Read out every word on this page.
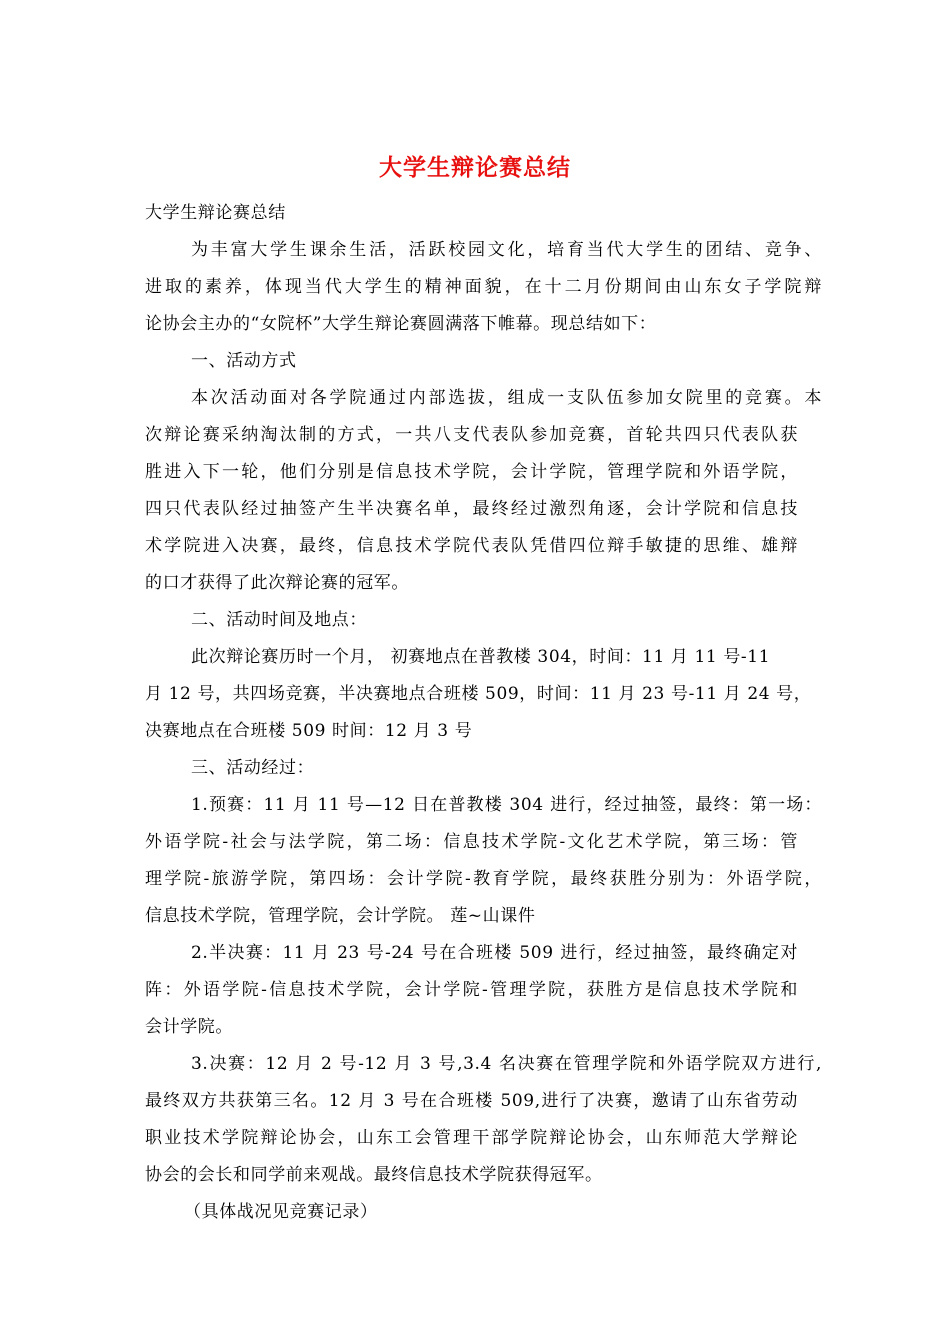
大学生辩论赛总结
大学生辩论赛总结
为丰富大学生课余生活，活跃校园文化，培育当代大学生的团结、竞争、
进取的素养，体现当代大学生的精神面貌，在十二月份期间由山东女子学院辩
论协会主办的“女院杯”大学生辩论赛圆满落下帷幕。现总结如下：
一、活动方式
本次活动面对各学院通过内部选拔，组成一支队伍参加女院里的竞赛。本
次辩论赛采纳淘汰制的方式，一共八支代表队参加竞赛，首轮共四只代表队获
胜进入下一轮，他们分别是信息技术学院，会计学院，管理学院和外语学院，
四只代表队经过抽签产生半决赛名单，最终经过激烈角逐，会计学院和信息技
术学院进入决赛，最终，信息技术学院代表队凭借四位辩手敏捷的思维、雄辩
的口才获得了此次辩论赛的冠军。
二、活动时间及地点：
此次辩论赛历时一个月， 初赛地点在普教楼 304，时间：11 月 11 号-11
月 12 号，共四场竞赛，半决赛地点合班楼 509，时间：11 月 23 号-11 月 24 号，
决赛地点在合班楼 509 时间：12 月 3 号
三、活动经过：
1.预赛：11 月 11 号—12 日在普教楼 304 进行，经过抽签，最终：第一场：
外语学院-社会与法学院，第二场：信息技术学院-文化艺术学院，第三场：管
理学院-旅游学院，第四场：会计学院-教育学院，最终获胜分别为：外语学院，
信息技术学院，管理学院，会计学院。 莲~山课件
2.半决赛：11 月 23 号-24 号在合班楼 509 进行，经过抽签，最终确定对
阵：外语学院-信息技术学院，会计学院-管理学院，获胜方是信息技术学院和
会计学院。
3.决赛：12 月 2 号-12 月 3 号,3.4 名决赛在管理学院和外语学院双方进行,
最终双方共获第三名。12 月 3 号在合班楼 509,进行了决赛，邀请了山东省劳动
职业技术学院辩论协会，山东工会管理干部学院辩论协会，山东师范大学辩论
协会的会长和同学前来观战。最终信息技术学院获得冠军。
（具体战况见竞赛记录）
